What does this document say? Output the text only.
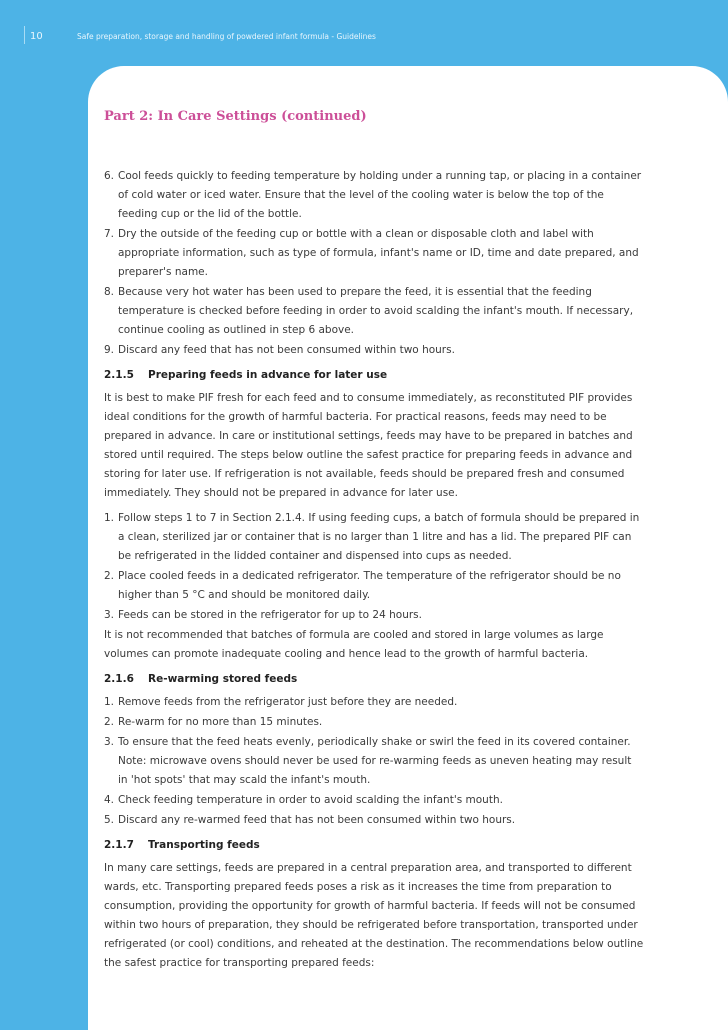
10	Safe preparation, storage and handling of powdered infant formula - Guidelines
Part 2: In Care Settings (continued)
6. Cool feeds quickly to feeding temperature by holding under a running tap, or placing in a container of cold water or iced water. Ensure that the level of the cooling water is below the top of the feeding cup or the lid of the bottle.
7. Dry the outside of the feeding cup or bottle with a clean or disposable cloth and label with appropriate information, such as type of formula, infant's name or ID, time and date prepared, and preparer's name.
8. Because very hot water has been used to prepare the feed, it is essential that the feeding temperature is checked before feeding in order to avoid scalding the infant's mouth. If necessary, continue cooling as outlined in step 6 above.
9. Discard any feed that has not been consumed within two hours.
2.1.5 Preparing feeds in advance for later use

It is best to make PIF fresh for each feed and to consume immediately, as reconstituted PIF provides ideal conditions for the growth of harmful bacteria. For practical reasons, feeds may need to be prepared in advance. In care or institutional settings, feeds may have to be prepared in batches and stored until required. The steps below outline the safest practice for preparing feeds in advance and storing for later use. If refrigeration is not available, feeds should be prepared fresh and consumed immediately. They should not be prepared in advance for later use.

1. Follow steps 1 to 7 in Section 2.1.4. If using feeding cups, a batch of formula should be prepared in a clean, sterilized jar or container that is no larger than 1 litre and has a lid. The prepared PIF can be refrigerated in the lidded container and dispensed into cups as needed.
2. Place cooled feeds in a dedicated refrigerator. The temperature of the refrigerator should be no higher than 5 °C and should be monitored daily.
3. Feeds can be stored in the refrigerator for up to 24 hours.

It is not recommended that batches of formula are cooled and stored in large volumes as large volumes can promote inadequate cooling and hence lead to the growth of harmful bacteria.

2.1.6 Re-warming stored feeds
1. Remove feeds from the refrigerator just before they are needed.
2. Re-warm for no more than 15 minutes.
3. To ensure that the feed heats evenly, periodically shake or swirl the feed in its covered container. Note: microwave ovens should never be used for re-warming feeds as uneven heating may result in 'hot spots' that may scald the infant's mouth.
4. Check feeding temperature in order to avoid scalding the infant's mouth.
5. Discard any re-warmed feed that has not been consumed within two hours.
2.1.7 Transporting feeds

In many care settings, feeds are prepared in a central preparation area, and transported to different wards, etc. Transporting prepared feeds poses a risk as it increases the time from preparation to consumption, providing the opportunity for growth of harmful bacteria. If feeds will not be consumed within two hours of preparation, they should be refrigerated before transportation, transported under refrigerated (or cool) conditions, and reheated at the destination. The recommendations below outline the safest practice for transporting prepared feeds:
